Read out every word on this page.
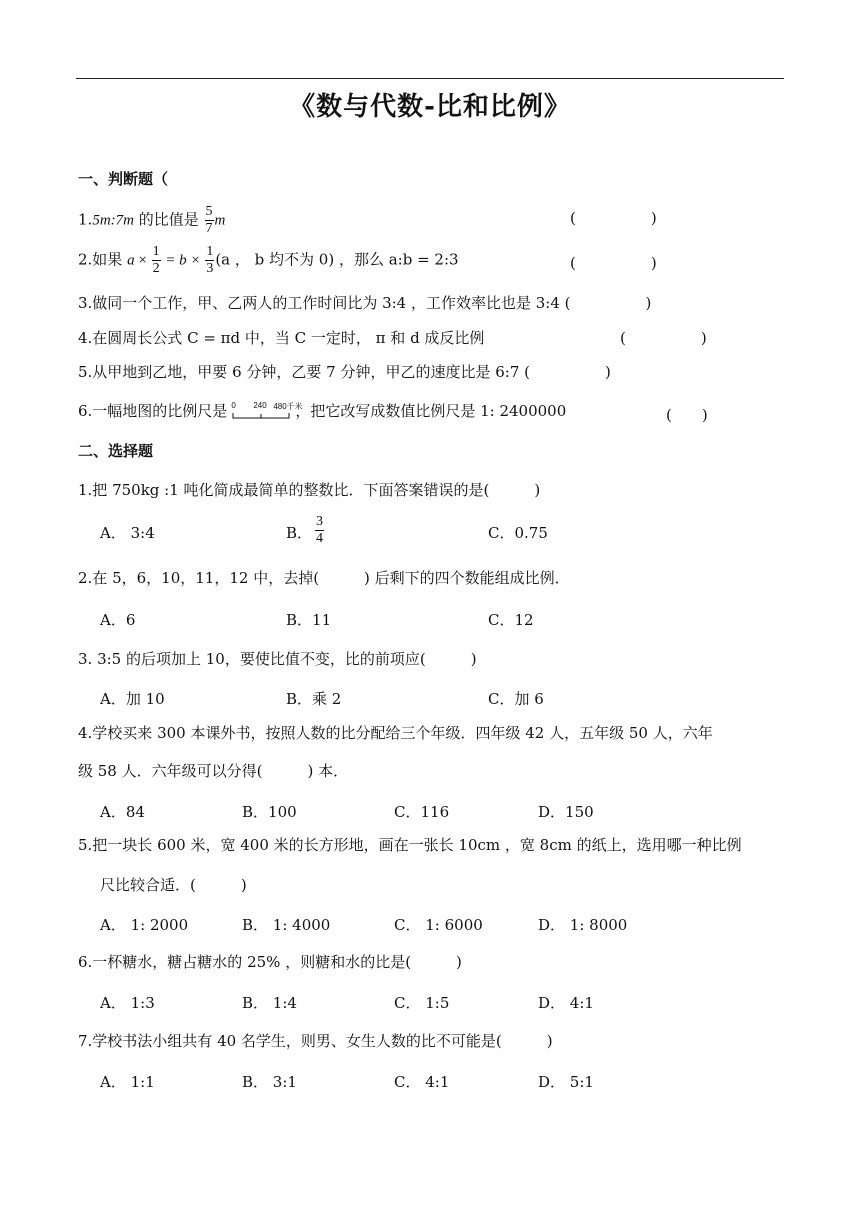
《数与代数-比和比例》
一、判断题（
1.5m:7m 的比值是 $\frac{5}{7}$ m	(　　　　　)
2.如果 $a \times \frac{1}{2} = b \times \frac{1}{3} (a$ ， b 均不为 0) ，那么 a:b = 2:3	(　　　　　)
3.做同一个工作，甲、乙两人的工作时间比为 3:4 ，工作效率比也是 3:4 (　　　　　)
4.在圆周长公式 C = πd 中，当 C 一定时， π 和 d 成反比例	(　　　　　)
5.从甲地到乙地，甲要 6 分钟，乙要 7 分钟，甲乙的速度比是 6:7 (　　　　　)
6.一幅地图的比例尺是 0 240 480千米
，把它改写成数值比例尺是 1: 2400000	(　　)
二、选择题
1.把 750kg :1 吨化简成最简单的整数比．下面答案错误的是(　　　)
A． 3:4	B． $\frac{3}{4}$	C．0.75
2.在 5，6，10，11，12 中，去掉(　　　) 后剩下的四个数能组成比例．
A．6	B．11	C．12
3. 3:5 的后项加上 10，要使比值不变，比的前项应(　　　)
A．加 10	B．乘 2	C．加 6
4.学校买来 300 本课外书，按照人数的比分配给三个年级．四年级 42 人，五年级 50 人，六年
级 58 人．六年级可以分得(　　　) 本．
A．84	B．100	C．116	D．150
5.把一块长 600 米，宽 400 米的长方形地，画在一张长 10cm ，宽 8cm 的纸上，选用哪一种比例
尺比较合适．(　　　)
A． 1: 2000	B． 1: 4000	C． 1: 6000	D． 1: 8000
6.一杯糖水，糖占糖水的 25% ，则糖和水的比是(　　　)
A． 1:3	B． 1:4	C． 1:5	D． 4:1
7.学校书法小组共有 40 名学生，则男、女生人数的比不可能是(　　　)
A． 1:1	B． 3:1	C． 4:1	D． 5:1
